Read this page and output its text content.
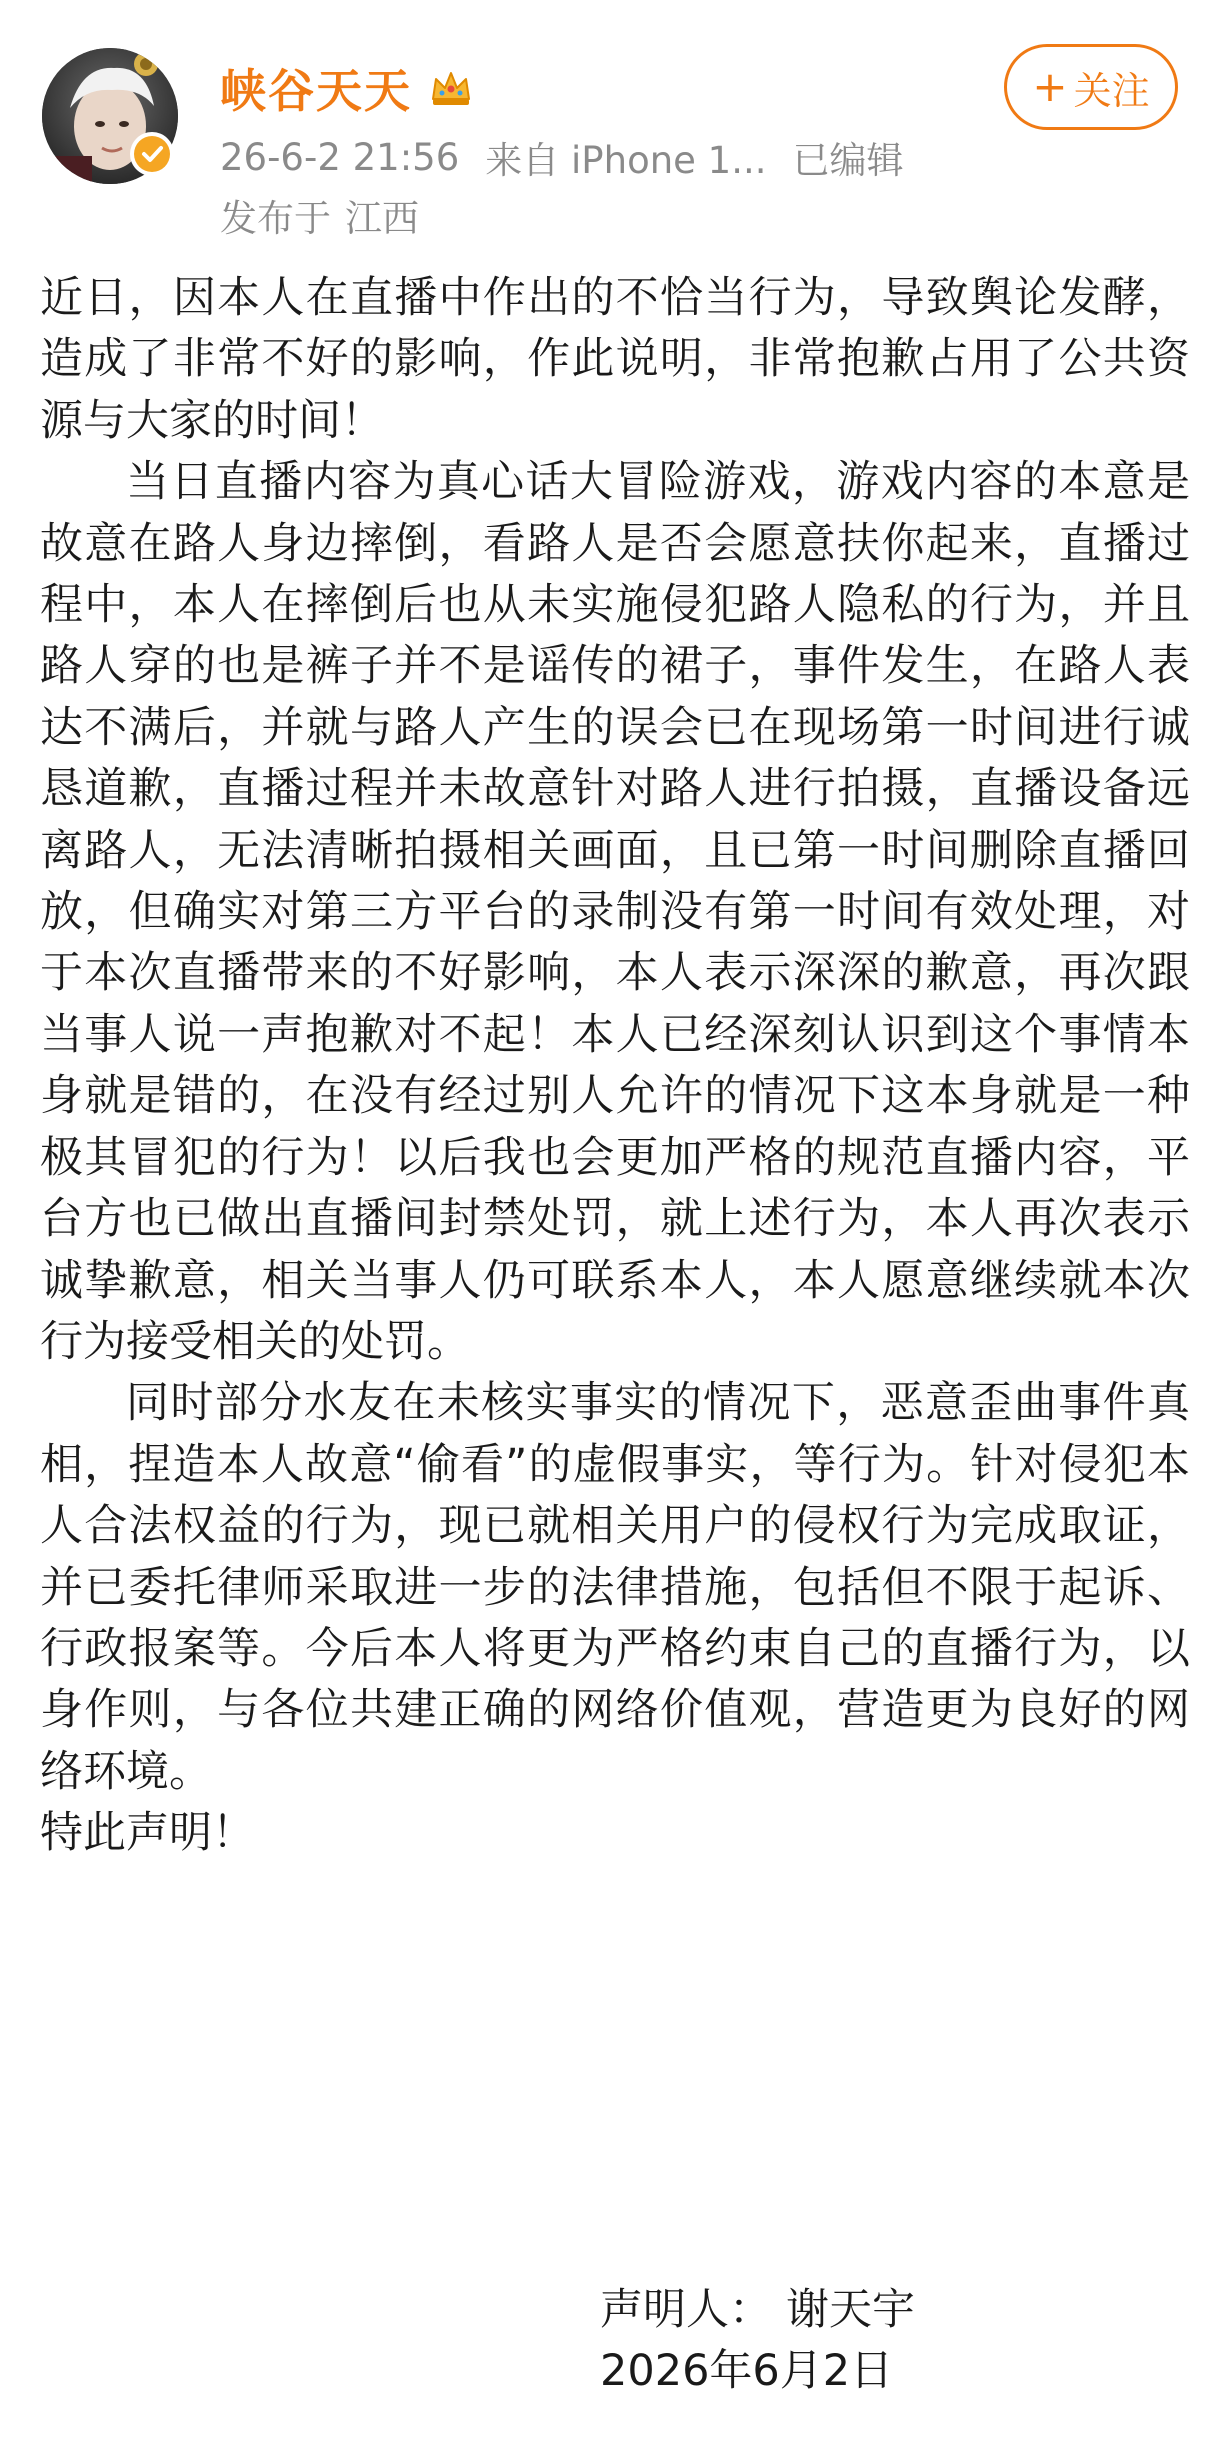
峡谷天天
26-6-2 21:56 来自 iPhone 1... 已编辑
发布于 江西
+ 关注

近日，因本人在直播中作出的不恰当行为，导致舆论发酵，造成了非常不好的影响，作此说明，非常抱歉占用了公共资源与大家的时间！

当日直播内容为真心话大冒险游戏，游戏内容的本意是故意在路人身边摔倒，看路人是否会愿意扶你起来，直播过程中，本人在摔倒后也从未实施侵犯路人隐私的行为，并且路人穿的也是裤子并不是谣传的裙子，事件发生，在路人表达不满后，并就与路人产生的误会已在现场第一时间进行诚恳道歉，直播过程并未故意针对路人进行拍摄，直播设备远离路人，无法清晰拍摄相关画面，且已第一时间删除直播回放，但确实对第三方平台的录制没有第一时间有效处理，对于本次直播带来的不好影响，本人表示深深的歉意，再次跟当事人说一声抱歉对不起！本人已经深刻认识到这个事情本身就是错的，在没有经过别人允许的情况下这本身就是一种极其冒犯的行为！以后我也会更加严格的规范直播内容，平台方也已做出直播间封禁处罚，就上述行为，本人再次表示诚挚歉意，相关当事人仍可联系本人，本人愿意继续就本次行为接受相关的处罚。

同时部分水友在未核实事实的情况下，恶意歪曲事件真相，捏造本人故意“偷看”的虚假事实，等行为。针对侵犯本人合法权益的行为，现已就相关用户的侵权行为完成取证，并已委托律师采取进一步的法律措施，包括但不限于起诉、行政报案等。今后本人将更为严格约束自己的直播行为，以身作则，与各位共建正确的网络价值观，营造更为良好的网络环境。

特此声明！

声明人： 谢天宇
2026年6月2日
